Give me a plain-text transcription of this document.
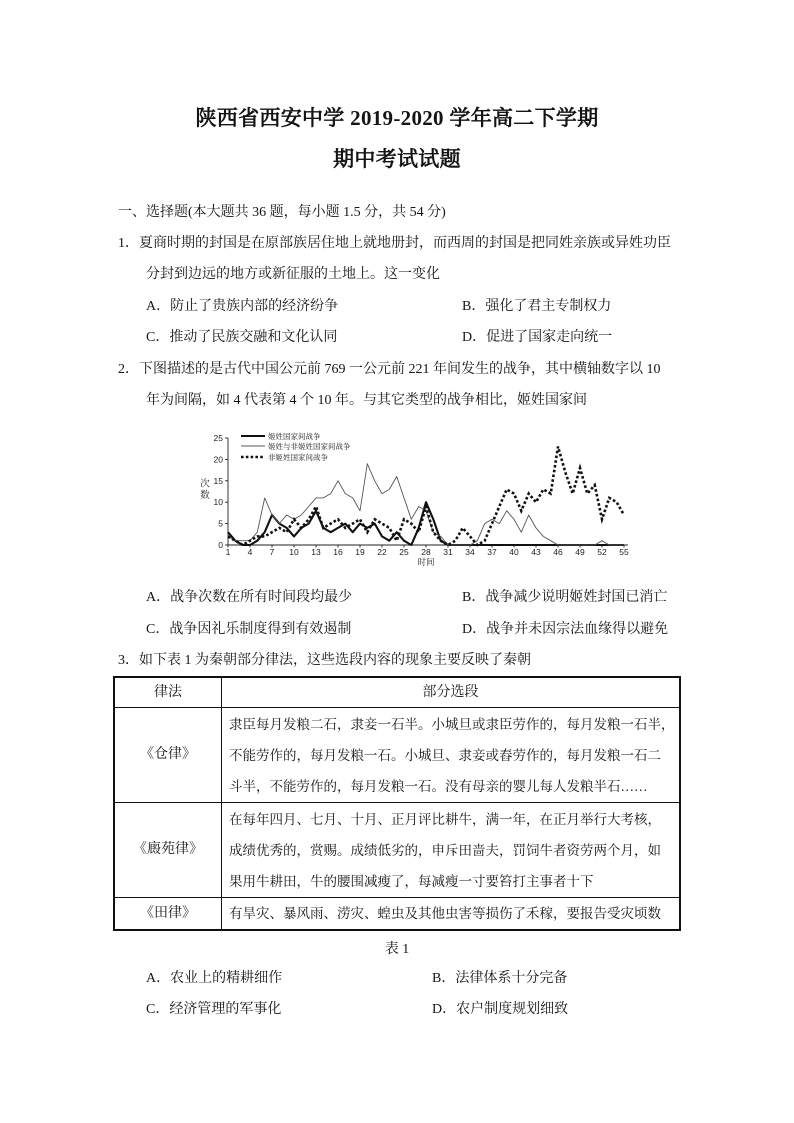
陕西省西安中学 2019-2020 学年高二下学期
期中考试试题
一、选择题(本大题共 36 题，每小题 1.5 分，共 54 分)
1．夏商时期的封国是在原部族居住地上就地册封，而西周的封国是把同姓亲族或异姓功臣
分封到边远的地方或新征服的土地上。这一变化
A．防止了贵族内部的经济纷争	B．强化了君主专制权力
C．推动了民族交融和文化认同	D．促进了国家走向统一
2．下图描述的是古代中国公元前 769 一公元前 221 年间发生的战争，其中横轴数字以 10
年为间隔，如 4 代表第 4 个 10 年。与其它类型的战争相比，姬姓国家间
姬姓国家间战争
姬姓与非姬姓国家间战争
非姬姓国家间战争
时间
0
5
10
15
20
25
1 4 7 10 13 16 19 22 25 28 31 34 37 40 43 46 49 52 55
次数
A．战争次数在所有时间段均最少	B．战争减少说明姬姓封国已消亡
C．战争因礼乐制度得到有效遏制	D．战争并未因宗法血缘得以避免
3．如下表 1 为秦朝部分律法，这些选段内容的现象主要反映了秦朝
律法	部分选段
《仓律》
隶臣每月发粮二石，隶妾一石半。小城旦或隶臣劳作的，每月发粮一石半，
不能劳作的，每月发粮一石。小城旦、隶妾或舂劳作的，每月发粮一石二
斗半，不能劳作的，每月发粮一石。没有母亲的婴儿每人发粮半石……
《廄苑律》
在每年四月、七月、十月、正月评比耕牛，满一年，在正月举行大考核，
成绩优秀的，赏赐。成绩低劣的，申斥田啬夫，罚饲牛者资劳两个月，如
果用牛耕田，牛的腰围减瘦了，每减瘦一寸要笞打主事者十下
《田律》 有旱灾、暴风雨、涝灾、蝗虫及其他虫害等损伤了禾稼，要报告受灾顷数
表 1
A．农业上的精耕细作	B．法律体系十分完备
C．经济管理的军事化	D．农户制度规划细致
